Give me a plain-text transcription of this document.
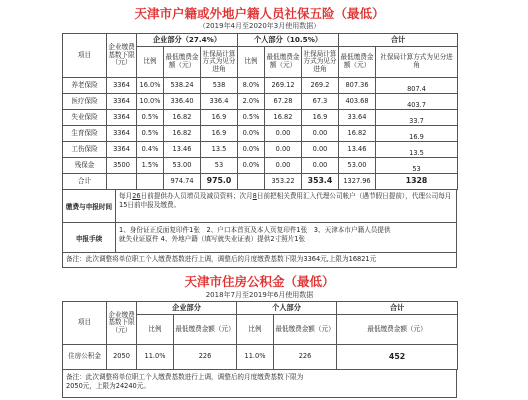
天津市户籍或外地户籍人员社保五险（最低）
（2019年4月至2020年3月使用数据）
项目	企业缴费基数下限（元）	企业部分（27.4%）			个人部分（10.5%）			合计	
		比例	最低缴费金额（元）	社保局计算方式为见分进角	比例	最低缴费金额（元）	社保局计算方式为见分进角	最低缴费金额（元）	社保局计算方式为见分进角
养老保险	3364	16.0%	538.24	538	8.0%	269.12	269.2	807.36	807.4
医疗保险	3364	10.0%	336.40	336.4	2.0%	67.28	67.3	403.68	403.7
失业保险	3364	0.5%	16.82	16.9	0.5%	16.82	16.9	33.64	33.7
生育保险	3364	0.5%	16.82	16.9	0.0%	0.00	0.00	16.82	16.9
工伤保险	3364	0.4%	13.46	13.5	0.0%	0.00	0.00	13.46	13.5
残保金	3500	1.5%	53.00	53	0.0%	0.00	0.00	53.00	53
合计			974.74	975.0		353.22	353.4	1327.96	1328
缴费与申报时间
每月26日前提供办人员增员及减员资料；次月8日前把相关费用汇入代理公司帐户（遇节假日提前），代理公司每月15日前申报及缴费。
申报手续
1、身份证正反面复印件1张　2、户口本首页及本人页复印件1张　3、天津本市户籍人员提供
就失业证原件 4、外地户籍（填写就失业证表）提供2寸照片1张
备注：此次调整将单位职工个人缴费基数进行上调，调整后的月度缴费基数下限为3364元,上限为16821元
天津市住房公积金（最低）
2018年7月至2019年6月使用数据
项目	企业缴费基数下限（元）	企业部分		个人部分		合计
		比例	最低缴费金额（元）	比例	最低缴费金额（元）	最低缴费金额（元）
住房公积金	2050	11.0%	226	11.0%	226	452
备注：此次调整将单位职工个人缴费基数进行上调，调整后的月度缴费基数下限为
2050元，上限为24240元。
